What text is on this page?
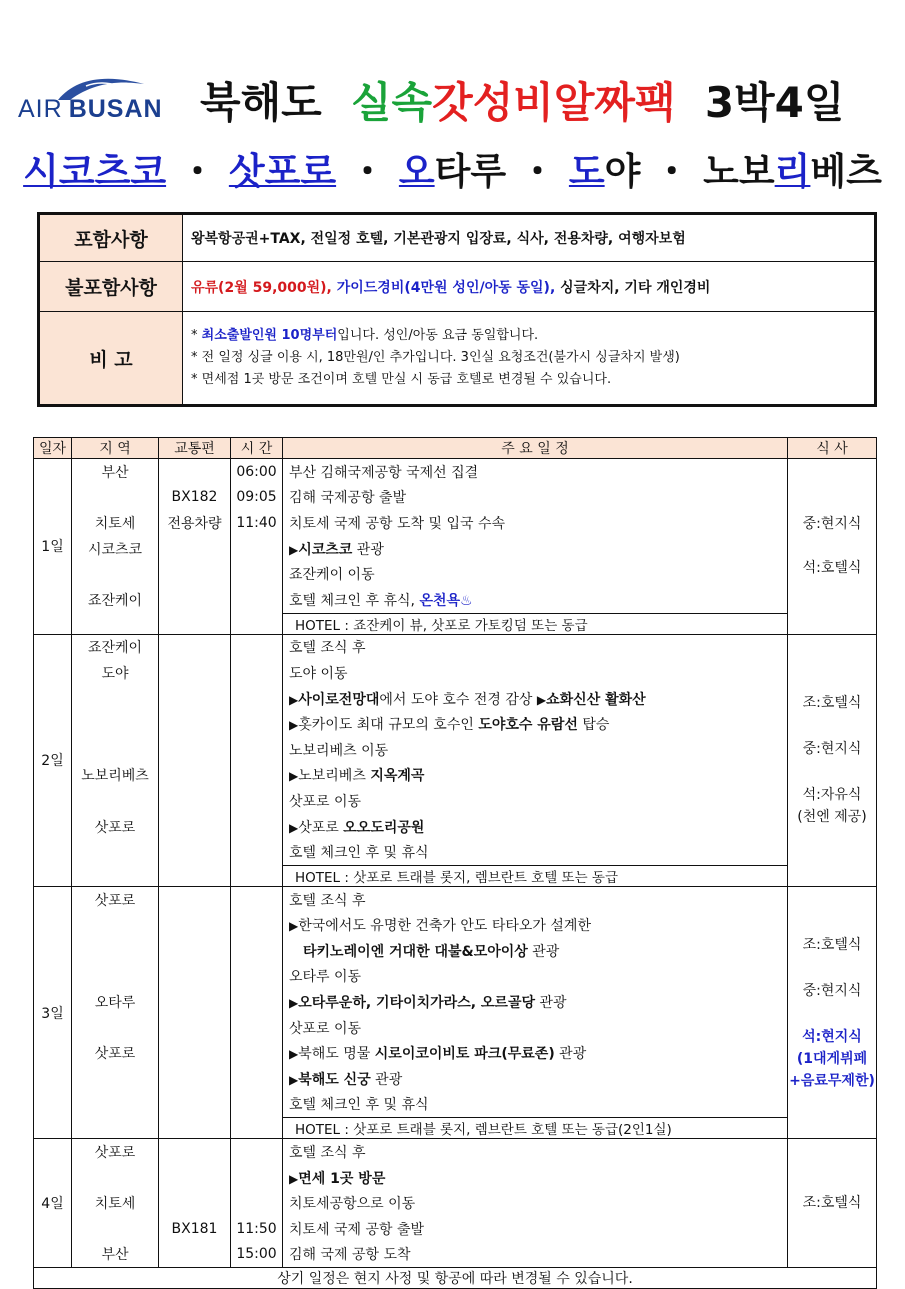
AIR BUSAN 북해도 실속갓성비알짜팩 3박4일
시코츠코 ・ 삿포로 ・ 오타루 ・ 도야 ・ 노보리베츠
포함사항	왕복항공권+TAX, 전일정 호텔, 기본관광지 입장료, 식사, 전용차량, 여행자보험
불포함사항	유류(2월 59,000원), 가이드경비(4만원 성인/아동 동일), 싱글차지, 기타 개인경비
비 고	* 최소출발인원 10명부터입니다. 성인/아동 요금 동일합니다.
* 전 일정 싱글 이용 시, 18만원/인 추가입니다. 3인실 요청조건(불가시 싱글차지 발생)
* 면세점 1곳 방문 조건이며 호텔 만실 시 동급 호텔로 변경될 수 있습니다.
일자	지 역	교통편	시 간	주 요 일 정	식 사
1일	부산		06:00	부산 김해국제공항 국제선 집결	중:현지식
석:호텔식

		BX182	09:05	김해 국제공항 출발	
	치토세	전용차량	11:40	치토세 국제 공항 도착 및 입국 수속	
	시코츠코			▶시코츠코 관광	
				죠잔케이 이동	
	죠잔케이			호텔 체크인 후 휴식, 온천욕♨	
				HOTEL : 죠잔케이 뷰, 삿포로 가토킹덤 또는 동급	
2일	죠잔케이			호텔 조식 후	조:호텔식
중:현지식
석:자유식
(천엔 제공)

	도야			도야 이동	
				▶사이로전망대에서 도야 호수 전경 감상 ▶쇼화신산 활화산	
				▶홋카이도 최대 규모의 호수인 도야호수 유람선 탑승	
				노보리베츠 이동	
	노보리베츠			▶노보리베츠 지옥계곡	
				삿포로 이동	
	삿포로			▶삿포로 오오도리공원	
				호텔 체크인 후 및 휴식	
				HOTEL : 삿포로 트래블 롯지, 렘브란트 호텔 또는 동급	
3일	삿포로			호텔 조식 후	조:호텔식
중:현지식
석:현지식
(1대게뷔페
+음료무제한)

				▶한국에서도 유명한 건축가 안도 타타오가 설계한	
				타키노레이엔 거대한 대불&모아이상 관광	
				오타루 이동	
	오타루			▶오타루운하, 기타이치가라스, 오르골당 관광	
				삿포로 이동	
	삿포로			▶북해도 명물 시로이코이비토 파크(무료존) 관광	
				▶북해도 신궁 관광	
				호텔 체크인 후 및 휴식	
				HOTEL : 삿포로 트래블 롯지, 렘브란트 호텔 또는 동급(2인1실)	
4일	삿포로			호텔 조식 후	조:호텔식

				▶면세 1곳 방문	
	치토세			치토세공항으로 이동	
		BX181	11:50	치토세 국제 공항 출발	
	부산		15:00	김해 국제 공항 도착	
상기 일정은 현지 사정 및 항공에 따라 변경될 수 있습니다.					
